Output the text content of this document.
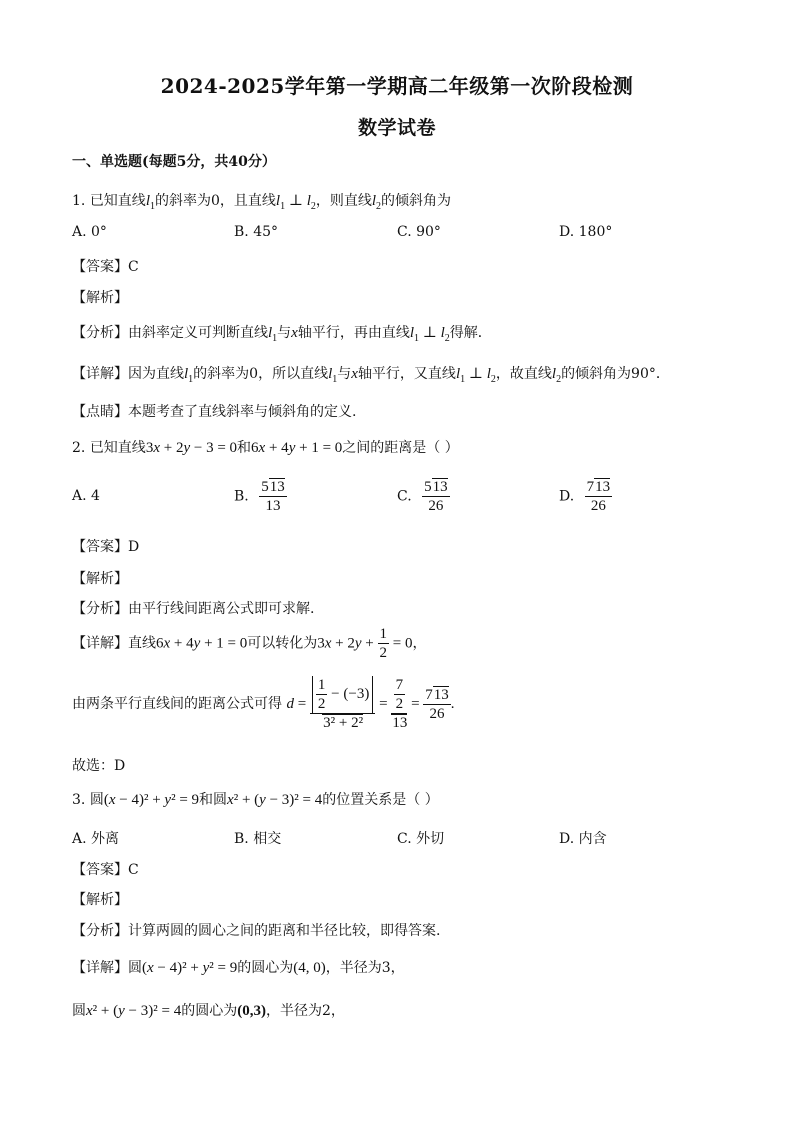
2024-2025学年第一学期高二年级第一次阶段检测
数学试卷
一、单选题(每题5分，共40分）
1. 已知直线$l_1$的斜率为0，且直线$l_1$ ⊥ $l_2$，则直线$l_2$的倾斜角为
A. 0°	B. 45°	C. 90°	D. 180°
【答案】C
【解析】
【分析】由斜率定义可判断直线$l_1$与x轴平行，再由直线$l_1$ ⊥ $l_2$得解．
【详解】因为直线$l_1$的斜率为0，所以直线$l_1$与x轴平行，又直线$l_1$ ⊥ $l_2$，故直线$l_2$的倾斜角为90°．
【点睛】本题考查了直线斜率与倾斜角的定义.
2. 已知直线3x + 2y − 3 = 0和6x + 4y + 1 = 0之间的距离是（ ）
A. 4	B. $\frac{513}{13}$	C. $\frac{513}{26}$	D. $\frac{713}{26}$
【答案】D
【解析】
【分析】由平行线间距离公式即可求解.
【详解】直线6x + 4y + 1 = 0可以转化为$3x + 2y + \frac{1}{2} = 0$，
由两条平行直线间的距离公式可得 $d = \frac{\frac{1}{2} - (-3)}{\text{3² + 2²}} = \frac{\frac{7}{2}}{13} = \frac{713}{26}$ .
故选：D
3. 圆(x − 4)² + y² = 9和圆x² + (y − 3)² = 4的位置关系是（ ）
A. 外离	B. 相交	C. 外切	D. 内含
【答案】C
【解析】
【分析】计算两圆的圆心之间的距离和半径比较，即得答案.
【详解】圆(x − 4)² + y² = 9的圆心为(4, 0)，半径为3，
圆x² + (y − 3)² = 4的圆心为(0,3)，半径为2，
